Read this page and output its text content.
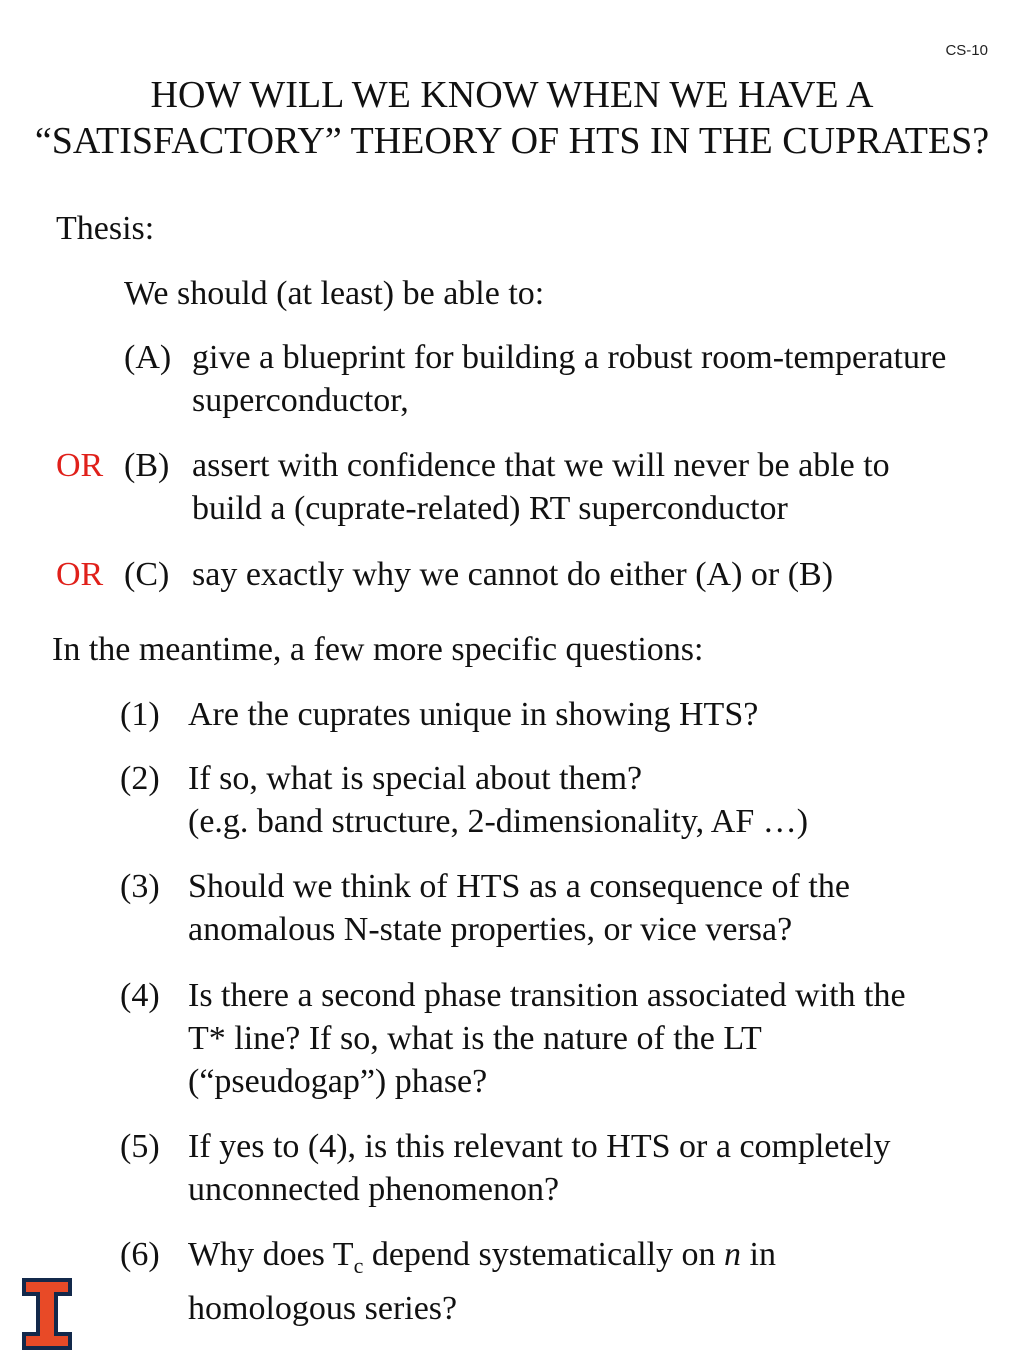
CS-10
HOW WILL WE KNOW WHEN WE HAVE A
“SATISFACTORY” THEORY OF HTS IN THE CUPRATES?
Thesis:
We should (at least) be able to:
(A) give a blueprint for building a robust room-temperature
superconductor,
OR (B) assert with confidence that we will never be able to
build a (cuprate-related) RT superconductor
OR (C) say exactly why we cannot do either (A) or (B)
In the meantime, a few more specific questions:
(1) Are the cuprates unique in showing HTS?
(2) If so, what is special about them?
(e.g. band structure, 2-dimensionality, AF …)
(3) Should we think of HTS as a consequence of the
anomalous N-state properties, or vice versa?
(4) Is there a second phase transition associated with the
T* line? If so, what is the nature of the LT
(“pseudogap”) phase?
(5) If yes to (4), is this relevant to HTS or a completely
unconnected phenomenon?
(6) Why does $T_c$ depend systematically on n in
homologous series?
